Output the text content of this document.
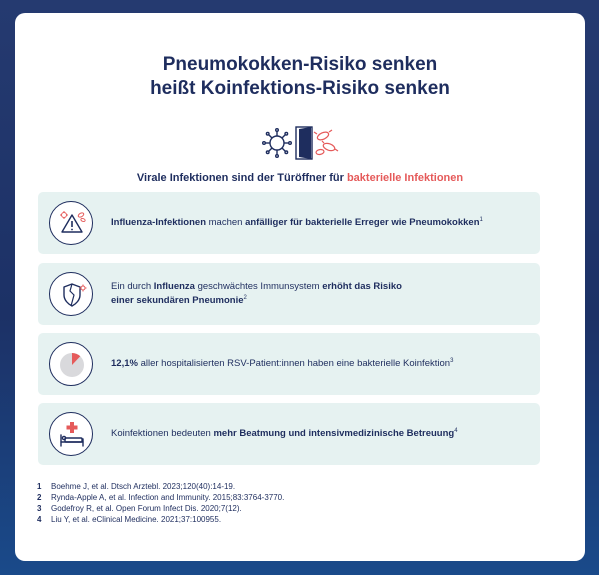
Pneumokokken-Risiko senken
heißt Koinfektions-Risiko senken
Virale Infektionen sind der Türöffner für bakterielle Infektionen
Influenza-Infektionen machen anfälliger für bakterielle Erreger wie Pneumokokken$^1$
Ein durch Influenza geschwächtes Immunsystem erhöht das Risiko
einer sekundären Pneumonie$^2$
12,1% aller hospitalisierten RSV-Patient:innen haben eine bakterielle Koinfektion$^3$
Koinfektionen bedeuten mehr Beatmung und intensivmedizinische Betreuung$^4$
1	Boehme J, et al. Dtsch Arztebl. 2023;120(40):14-19.
2	Rynda-Apple A, et al. Infection and Immunity. 2015;83:3764-3770.
3	Godefroy R, et al. Open Forum Infect Dis. 2020;7(12).
4	Liu Y, et al. eClinical Medicine. 2021;37:100955.
